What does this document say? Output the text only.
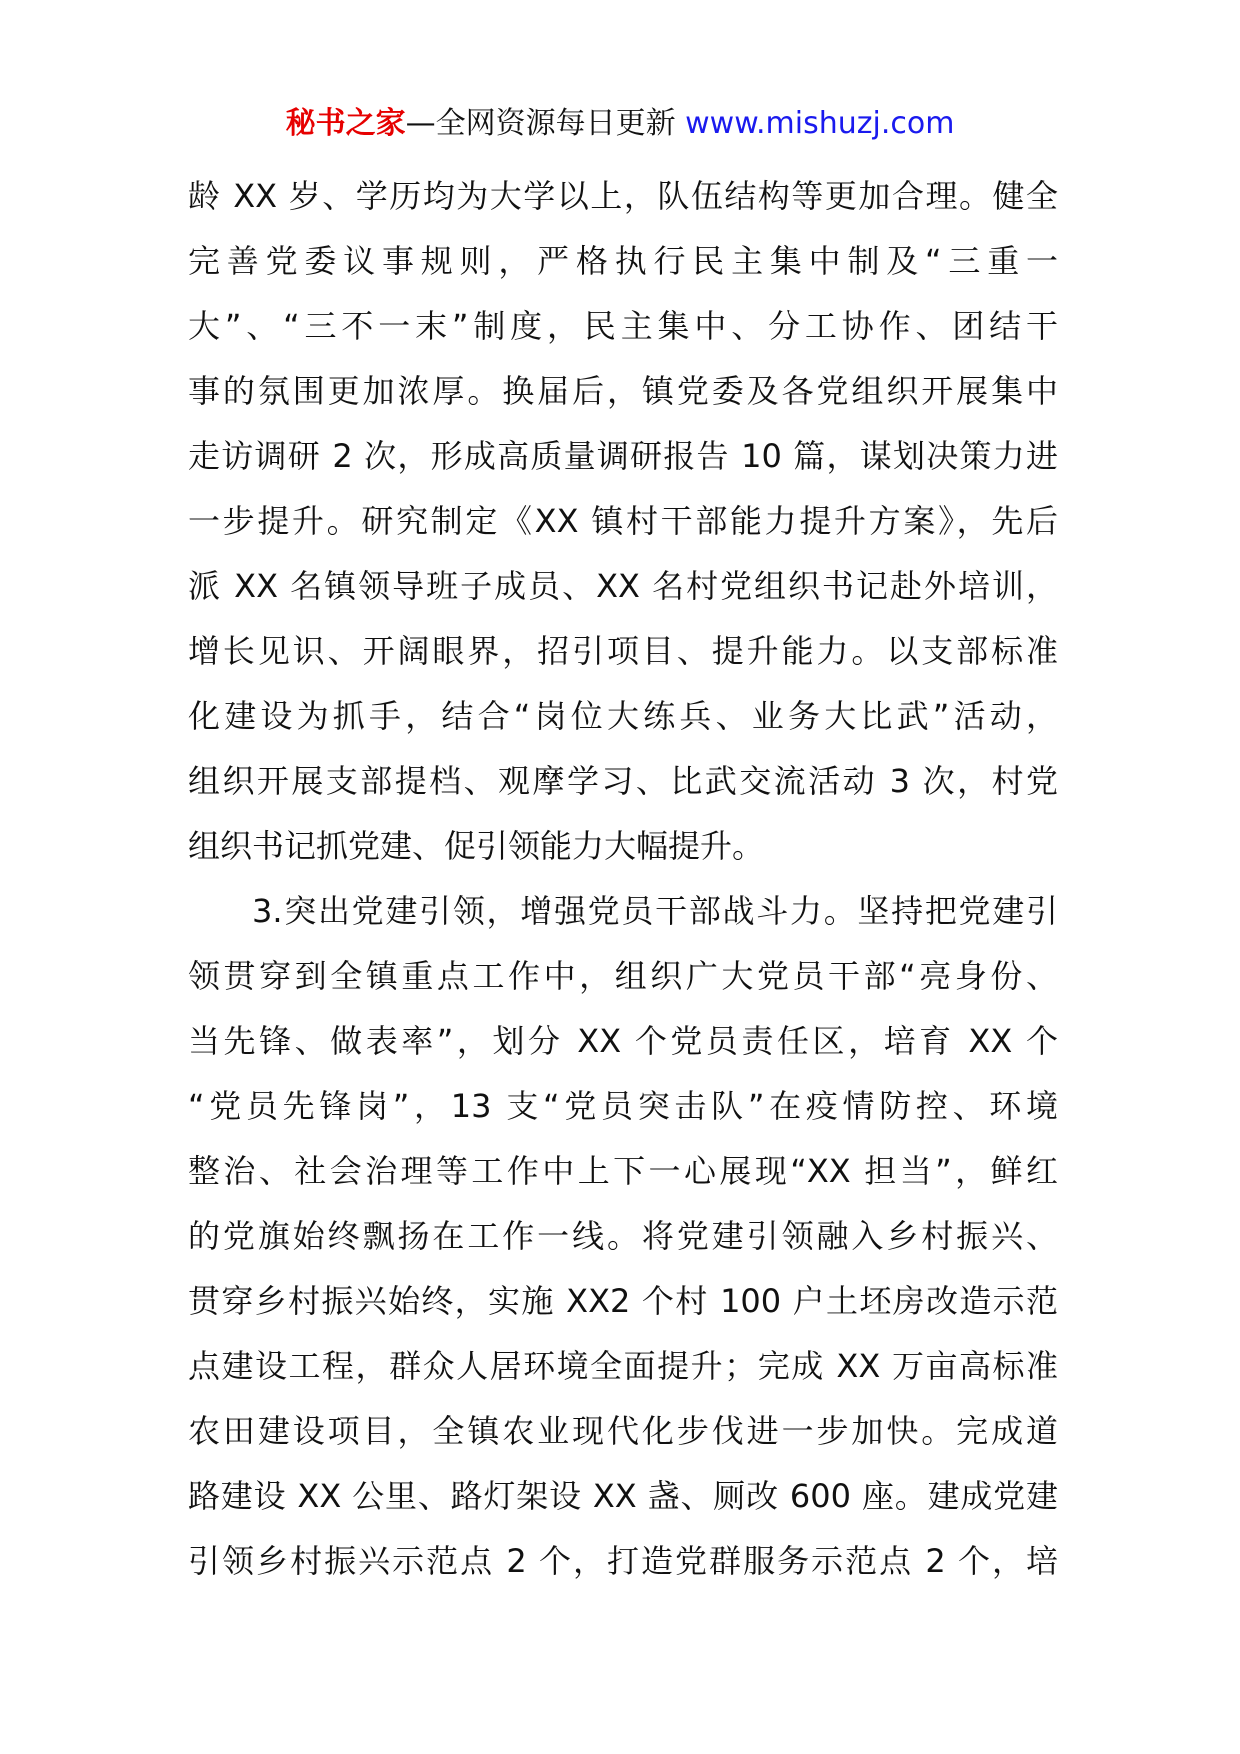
秘书之家—全网资源每日更新 www.mishuzj.com
龄 XX 岁、学历均为大学以上，队伍结构等更加合理。健全
完善党委议事规则，严格执行民主集中制及“三重一
大”、“三不一末”制度，民主集中、分工协作、团结干
事的氛围更加浓厚。换届后，镇党委及各党组织开展集中
走访调研 2 次，形成高质量调研报告 10 篇，谋划决策力进
一步提升。研究制定《XX 镇村干部能力提升方案》，先后
派 XX 名镇领导班子成员、XX 名村党组织书记赴外培训，
增长见识、开阔眼界，招引项目、提升能力。以支部标准
化建设为抓手，结合“岗位大练兵、业务大比武”活动，
组织开展支部提档、观摩学习、比武交流活动 3 次，村党
组织书记抓党建、促引领能力大幅提升。
3.突出党建引领，增强党员干部战斗力。坚持把党建引
领贯穿到全镇重点工作中，组织广大党员干部“亮身份、
当先锋、做表率”，划分 XX 个党员责任区，培育 XX 个
“党员先锋岗”，13 支“党员突击队”在疫情防控、环境
整治、社会治理等工作中上下一心展现“XX 担当”，鲜红
的党旗始终飘扬在工作一线。将党建引领融入乡村振兴、
贯穿乡村振兴始终，实施 XX2 个村 100 户土坯房改造示范
点建设工程，群众人居环境全面提升；完成 XX 万亩高标准
农田建设项目，全镇农业现代化步伐进一步加快。完成道
路建设 XX 公里、路灯架设 XX 盏、厕改 600 座。建成党建
引领乡村振兴示范点 2 个，打造党群服务示范点 2 个，培
